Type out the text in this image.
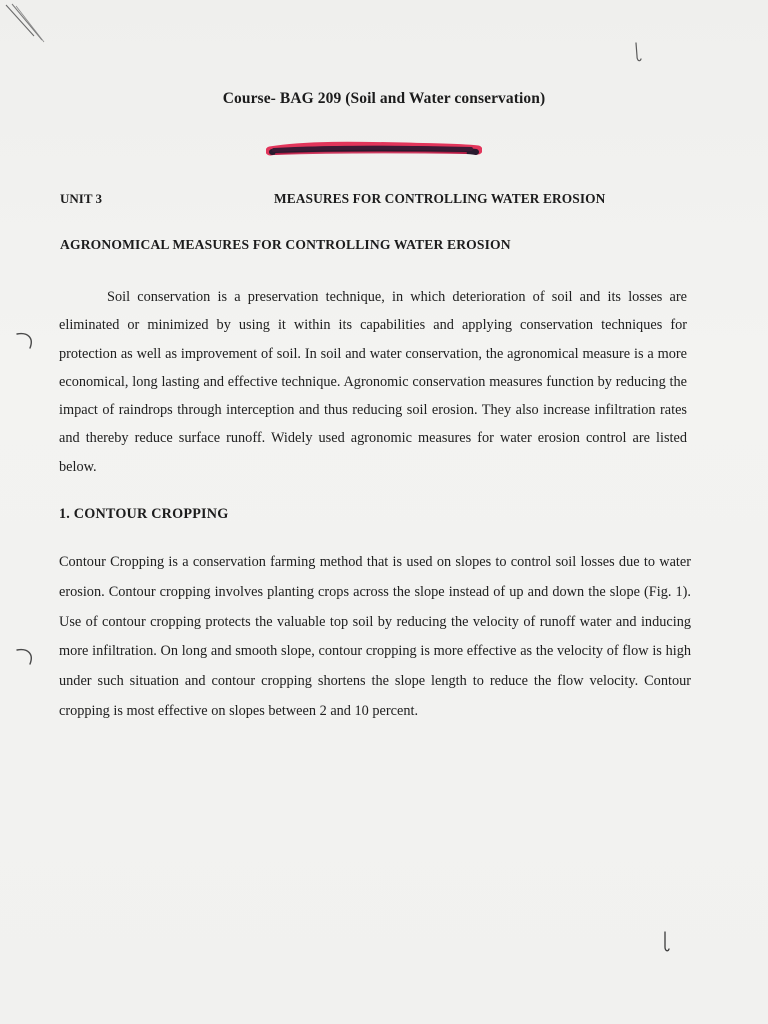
Course- BAG 209 (Soil and Water conservation)
UNIT 3	MEASURES FOR CONTROLLING WATER EROSION
AGRONOMICAL MEASURES FOR CONTROLLING WATER EROSION
Soil conservation is a preservation technique, in which deterioration of soil and its losses are eliminated or minimized by using it within its capabilities and applying conservation techniques for protection as well as improvement of soil. In soil and water conservation, the agronomical measure is a more economical, long lasting and effective technique. Agronomic conservation measures function by reducing the impact of raindrops through interception and thus reducing soil erosion. They also increase infiltration rates and thereby reduce surface runoff. Widely used agronomic measures for water erosion control are listed below.
1. CONTOUR CROPPING
Contour Cropping is a conservation farming method that is used on slopes to control soil losses due to water erosion. Contour cropping involves planting crops across the slope instead of up and down the slope (Fig. 1). Use of contour cropping protects the valuable top soil by reducing the velocity of runoff water and inducing more infiltration. On long and smooth slope, contour cropping is more effective as the velocity of flow is high under such situation and contour cropping shortens the slope length to reduce the flow velocity. Contour cropping is most effective on slopes between 2 and 10 percent.
